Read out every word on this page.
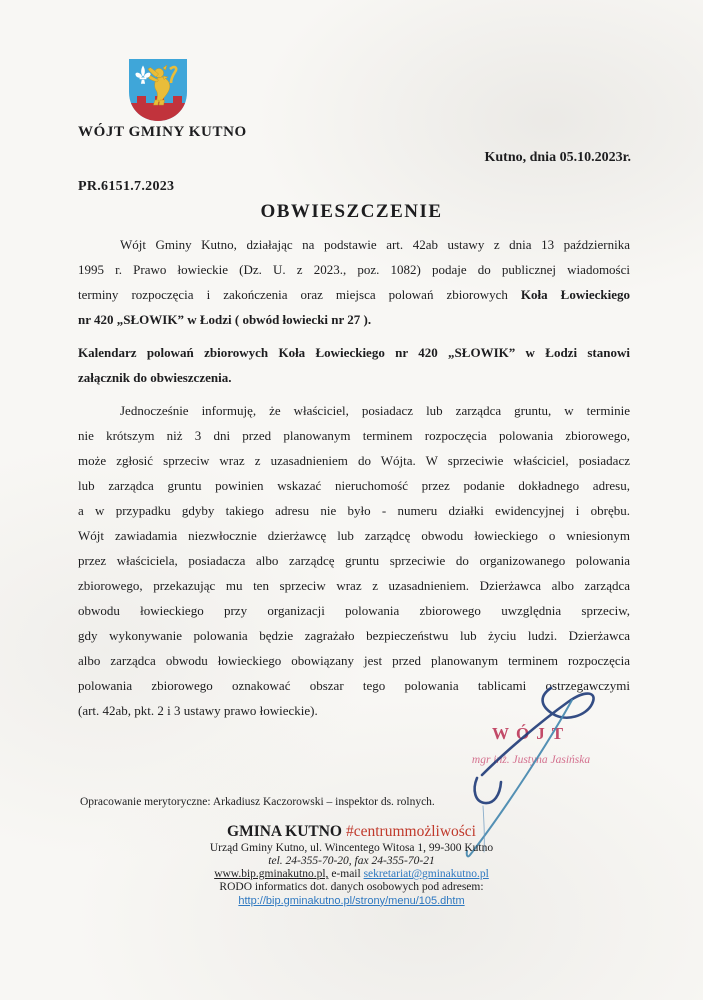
WÓJT GMINY KUTNO
Kutno, dnia 05.10.2023r.
PR.6151.7.2023
OBWIESZCZENIE
Wójt Gminy Kutno, działając na podstawie art. 42ab ustawy z dnia 13 października
1995 r. Prawo łowieckie (Dz. U. z 2023., poz. 1082) podaje do publicznej wiadomości
terminy rozpoczęcia i zakończenia oraz miejsca polowań zbiorowych Koła Łowieckiego
nr 420 „SŁOWIK” w Łodzi ( obwód łowiecki nr 27 ).
Kalendarz polowań zbiorowych Koła Łowieckiego nr 420 „SŁOWIK” w Łodzi stanowi
załącznik do obwieszczenia.
Jednocześnie informuję, że właściciel, posiadacz lub zarządca gruntu, w terminie
nie krótszym niż 3 dni przed planowanym terminem rozpoczęcia polowania zbiorowego,
może zgłosić sprzeciw wraz z uzasadnieniem do Wójta. W sprzeciwie właściciel, posiadacz
lub zarządca gruntu powinien wskazać nieruchomość przez podanie dokładnego adresu,
a w przypadku gdyby takiego adresu nie było - numeru działki ewidencyjnej i obrębu.
Wójt zawiadamia niezwłocznie dzierżawcę lub zarządcę obwodu łowieckiego o wniesionym
przez właściciela, posiadacza albo zarządcę gruntu sprzeciwie do organizowanego polowania
zbiorowego, przekazując mu ten sprzeciw wraz z uzasadnieniem. Dzierżawca albo zarządca
obwodu łowieckiego przy organizacji polowania zbiorowego uwzględnia sprzeciw,
gdy wykonywanie polowania będzie zagrażało bezpieczeństwu lub życiu ludzi. Dzierżawca
albo zarządca obwodu łowieckiego obowiązany jest przed planowanym terminem rozpoczęcia
polowania zbiorowego oznakować obszar tego polowania tablicami ostrzegawczymi
(art. 42ab, pkt. 2 i 3 ustawy prawo łowieckie).
WÓJT
mgr inż. Justyna Jasińska
Opracowanie merytoryczne: Arkadiusz Kaczorowski – inspektor ds. rolnych.
GMINA KUTNO #centrummożliwości
Urząd Gminy Kutno, ul. Wincentego Witosa 1, 99-300 Kutno
tel. 24-355-70-20, fax 24-355-70-21
www.bip.gminakutno.pl, e-mail sekretariat@gminakutno.pl
RODO informatics dot. danych osobowych pod adresem:
http://bip.gminakutno.pl/strony/menu/105.dhtm
